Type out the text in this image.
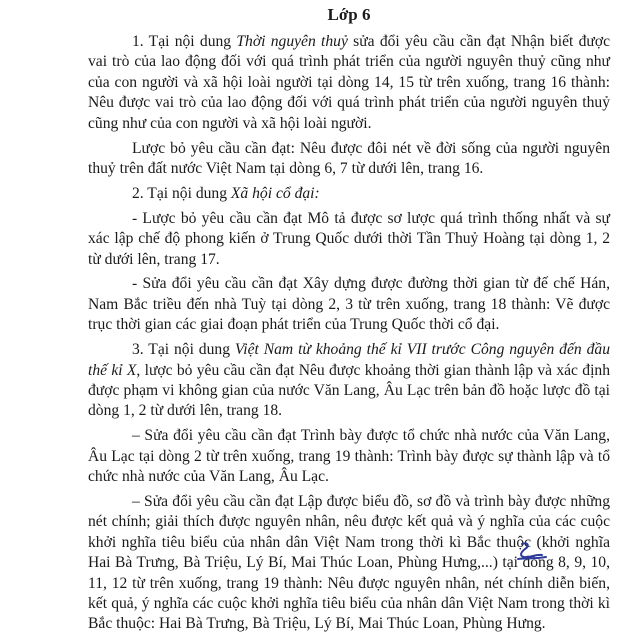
Lớp 6

1. Tại nội dung Thời nguyên thuỷ sửa đổi yêu cầu cần đạt Nhận biết được vai trò của lao động đối với quá trình phát triển của người nguyên thuỷ cũng như của con người và xã hội loài người tại dòng 14, 15 từ trên xuống, trang 16 thành: Nêu được vai trò của lao động đối với quá trình phát triển của người nguyên thuỷ cũng như của con người và xã hội loài người.

Lược bỏ yêu cầu cần đạt: Nêu được đôi nét về đời sống của người nguyên thuỷ trên đất nước Việt Nam tại dòng 6, 7 từ dưới lên, trang 16.

2. Tại nội dung Xã hội cổ đại:

- Lược bỏ yêu cầu cần đạt Mô tả được sơ lược quá trình thống nhất và sự xác lập chế độ phong kiến ở Trung Quốc dưới thời Tần Thuỷ Hoàng tại dòng 1, 2 từ dưới lên, trang 17.

- Sửa đổi yêu cầu cần đạt Xây dựng được đường thời gian từ đế chế Hán, Nam Bắc triều đến nhà Tuỳ tại dòng 2, 3 từ trên xuống, trang 18 thành: Vẽ được trục thời gian các giai đoạn phát triển của Trung Quốc thời cổ đại.

3. Tại nội dung Việt Nam từ khoảng thế kỉ VII trước Công nguyên đến đầu thế kỉ X, lược bỏ yêu cầu cần đạt Nêu được khoảng thời gian thành lập và xác định được phạm vi không gian của nước Văn Lang, Âu Lạc trên bản đồ hoặc lược đồ tại dòng 1, 2 từ dưới lên, trang 18.

– Sửa đổi yêu cầu cần đạt Trình bày được tổ chức nhà nước của Văn Lang, Âu Lạc tại dòng 2 từ trên xuống, trang 19 thành: Trình bày được sự thành lập và tổ chức nhà nước của Văn Lang, Âu Lạc.

– Sửa đổi yêu cầu cần đạt Lập được biểu đồ, sơ đồ và trình bày được những nét chính; giải thích được nguyên nhân, nêu được kết quả và ý nghĩa của các cuộc khởi nghĩa tiêu biểu của nhân dân Việt Nam trong thời kì Bắc thuộc (khởi nghĩa Hai Bà Trưng, Bà Triệu, Lý Bí, Mai Thúc Loan, Phùng Hưng,...) tại dòng 8, 9, 10, 11, 12 từ trên xuống, trang 19 thành: Nêu được nguyên nhân, nét chính diễn biến, kết quả, ý nghĩa các cuộc khởi nghĩa tiêu biểu của nhân dân Việt Nam trong thời kì Bắc thuộc: Hai Bà Trưng, Bà Triệu, Lý Bí, Mai Thúc Loan, Phùng Hưng.
